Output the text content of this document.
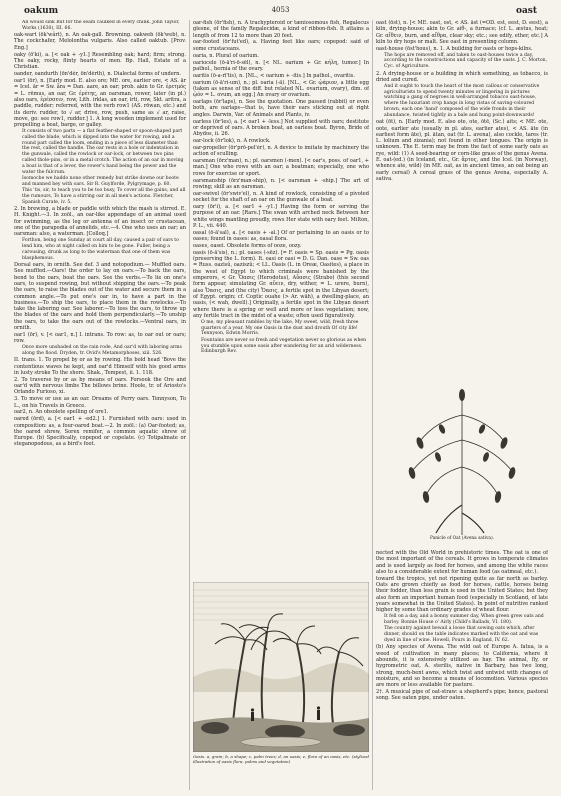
oakum	4053	oast

All would sink But for the seam caulked in every chink. John Taylor, Works (1630), III. 66.

oak-wart (ōk'wârt), n. An oak-gall. Browning. oakweb (ōk'web), n. The cockchafer, Melolontha vulgaris. Also called oaktub. [Prov. Eng.]

oaky (ō'ki), a. [< oak + -y1.] Resembling oak; hard; firm; strong. The oaky, rocky, flinty hearts of men. Bp. Hall, Estate of a Christian.

oander, oandurth (ōn'dėr, ōn'dėrth), n. Dialectal forms of undern.

oar1 (ōr), n. [Early mod. E. also ore; ME. ore, earlier ore, < AS. ār = Icel. ār = Sw. åra = Dan. aare, an oar; prob. akin to Gr. ἐρετμός = L. rēmus, an oar, Gr. ἐρέτης, an oarsman, rower, later (in pl.) also oars, ἐρέσσειν, row, Lith. irklas, an oar, irti, row, Skt. aritra, a paddle, rudder; referred, with the verb row1 (AS. rōwan, etc.) and its deriv. rudder, to √ ar, drive, row, push, same as √ ar, raise, move, go: see row1, rudder.] 1. A long wooden implement used for propelling a boat, barge, or galley.

It consists of two parts — a flat feather-shaped or spoon-shaped part called the blade, which is dipped into the water for rowing, and a round part called the loom, ending in a piece of less diameter than the rest, called the handle. The oar rests in a hole or indentation in the gunwale, called the rowlock or oar-lock, or between two pins called thole-pins, or in a metal crotch. The action of an oar in moving a boat is that of a lever, the rower's hand being the power and the water the fulcrum.

Isomoche we haddo none other remedy but strike downe our boote and manned hey with oars. Sir R. Guylforde, Pylgrymage, p. 60.

This 'tis, sir, to teach you to be too busy, To cover all the gains, and all the rumours, To have a stirring oar in all men's actions. Fletcher, Spanish Curate, iv. 5.

2. In brewing, a blade or paddle with which the mash is stirred. E. H. Knight.—3. In zoöl., an oar-like appendage of an animal used for swimming, as the leg or antenna of an insect or crustacean, one of the parapodia of annelids, etc.—4. One who uses an oar; an oarsman: also, a waterman. [Colloq.]

Forthon, being one Sunday at court all day, caused a pair of oars to lend him, who at night called on him to be gone. Fuller, being a carousing, drunk as long to the waterman that one of them was blasphemous.

Dorsal oars, in ornith. See def. 3 and notopodium.— Muffled oars. See muffled.—Oars! the order to lay on oars.—To back the oars, bend to the oars, boat the oars. See the verbs.—To lie on one's oars, to suspend rowing, but without shipping the oars.—To peak the oars, to raise the blades out of the water and secure them in a common angle.—To put one's oar in, to have a part in the business.—To ship the oars, to place them in the rowlocks.—To take the laboring oar. See laborer.—To toss the oars, to throw up the blades of the oars and hold them perpendicularly.—To unship the oars, to take the oars out of the rowlocks.—Ventral oars, in ornith.

oar1 (ōr), v. [< oar1, n.] I. intrans. To row: as, to oar out or oars; row.

Once more unshaded on the rain rode, And oar'd with laboring arms along the flood. Dryden, tr. Ovid's Metamorphoses, xiii. 526.

II. trans. 1. To propel by or as by rowing. His bold head 'Bove the contentious waves he kept, and oar'd Himself with his good arms in lusty stroke To the shore. Shak., Tempest, ii. 1. 118.

2. To traverse by or as by means of oars. Forsook the Ore and oar'd with nervous limbs The billows brine. Hoole, tr. of Ariosto's Orlando Furioso, xi.

3. To move or use as an oar. Dreams of Perry oars. Tennyson, To L., on his Travels in Greece.

oar2, n. An obsolete spelling of ore1.

oared (ōrd), a. [< oar1 + -ed2.] 1. Furnished with oars: used in composition: as, a four-oared boat.—2. In zoöl.: (a) Oar-footed; as, the oared shrew, Sorex remifer, a common aquatic shrew of Europe. (b) Specifically, copepod or copelate. (c) Totipalmate or steganopodous, as a bird's foot.

oar-fish (ōr'fish), n. A trachypteroid or tæniosomous fish, Regalecus glesne, of the family Regalecidæ, a kind of ribbon-fish. It attains a length of from 12 to more than 20 feet.

oar-footed (ōr'fut'ed), a. Having feet like oars; copepod: said of some crustaceans.

oaria, n. Plural of oarium.

oariocele (ō-ā'ri-ō-sēl), n. [< NL. oarium + Gr. κήλη, tumor.] In pathol., hernia of the ovary.

oaritis (ō-a-rī'tis), n. [NL., < oarium + -itis.] In pathol., ovaritis.

oarium (ō-ā'ri-um), n.; pl. oaria (-ä). [NL., < Gr. ᾠάριον, a little egg (taken as sense of the diff. but related NL. ovarium, ovary), dim. of ᾠόν = L. ovum, an egg.] An ovary or ovarium.

oarlaps (ōr'laps), n. See the quotation. One passed (rabbit) or even both, are oarlaps—that is, have their ears sticking out at right angles. Darwin, Var. of Animals and Plants, iv.

oarless (ōr'les), a. [< oar1 + -less.] Not supplied with oars; destitute or deprived of oars. A broken boat, an oarless boat. Byron, Bride of Abydos, ii. 26.

oar-lock (ōr'lok), n. A rowlock.

oar-propeller (ōr'prō-pel'ėr), n. A device to imitate by machinery the action of sculling.

oarsman (ōrz'man), n.; pl. oarsmen (-men). [< oar's, poss. of oar1, + man.] One who rows with an oar; a boatman; especially, one who rows for exercise or sport.

oarsmanship (ōrz'man-ship), n. [< oarsman + -ship.] The art of rowing; skill as an oarsman.

oar-swivel (ōr'swiv'el), n. A kind of rowlock, consisting of a pivoted socket for the shaft of an oar on the gunwale of a boat.

oary (ōr'i), a. [< oar1 + -y1.] Having the form or serving the purpose of an oar. [Rare.] The swan with arched neck Between her white wings mantling proudly, rows Her state with oary feet. Milton, P. L., vii. 440.

oasal (ō-ā'sal), a. [< oasis + -al.] Of or pertaining to an oasis or to oases; found in oases: as, oasal flora.

oases, oasei. Obsolete forms of ooze, oozy.

oasis (ō-ā'sis), n.; pl. oases (-sēz). [= F. oasis = Sp. oasis = Pg. oasis (preserving the L. form). It. oasi or oasi = D. G. Dan. oase = Sw. oas = Russ. oazisŭ, oaziszŭ; < LL. Oasis (L. in Oreæ, Oasites), a place in the west of Egypt to which criminals were banished by the emperors, < Gr. Ὄασις (Herodotus), Αὔασις (Strabo) (this second form appear, simulating Gr. αὔειν, dry, wither, = L. urere, burn), also Ὄασις, and (the city) Ὄασις, a fertile spot in the Libyan desert; of Egypt. origin; cf. Coptic ouahe (> Ar. wāh), a dwelling-place, an oasis, (< wah, dwell).] Originally, a fertile spot in the Libyan desert where there is a spring or well and more or less vegetation; now, any fertile tract in the midst of a waste; often used figuratively.

O me, my pleasant rambles by the lake, My sweet, wild, fresh three quarters of a year, My one Oasis in the dust and drouth Of city life! Tennyson, Edwin Morris.

Fountains are never so fresh and vegetation never so glorious as when you stumble upon some oasis after wandering for an arid wilderness. Edinburgh Rev.

Oasis. a, grain; b, a shape; c, palm trees; d, an oasis; e, flora of an oasis, etc. (stylized illustration of oasis flora, palms and vegetation)

oast (ōst), n. [< ME. oast, ost, < AS. āst (=OD. est, eest, D. eest), a kiln, drying-house; akin to Gr. aiθ-, a furnace; (cf. L. æstus, heat; Gr. αἴθειν, burn, and αἴθρα, clear sky; etc.; see edify, ether, etc.] A kiln to dry hops or malt. See oast in presenting column.

oast-house (ōst'hous), n. 1. A building for oasts or hops-kilns.

The hops are removed off, and taken to oast-houses twice a day, according to the constructions and capacity of the oasts. J. C. Morton, Cyc. of Agriculture.

2. A drying-house or a building in which something, as tobacco, is dried and cured.

And it ought to touch the heart of the most callous or conservative agriculturists to spend twenty minutes or lingering in pictures watching a gang of negroes in well-arranged tobacco oast-house, where the luxuriant crop hangs in long vistas of saving-coloured brown, each one 'hand' composed of the wide fronds in their abundance, twisted tightly in a bale and hung point-downwards!

oat (ōt), n. [Early mod. E. also ote, ote, ōtē, (Sc.) aits; < ME. ote, oote, earlier ate (usually in pl. ates, earlier ates), < AS. āte (in earliest form āte), pl. ātan, oat (tr. L. avena), also cockle, tares (tr. L. lolium and zizania); not found in other tongues. The origin is unknown. The E. term may be from the fact of some early oats as rye, wild: (1) A seed-bearing or corn-like grass of the genus Avena. E. oat-(ed.) (in Iceland, etc., Gr. ἄρτος, and the Icel. (in Norway), whence ate, wild) (in ME. oat, as in ancient times, an oat being an early cereal) A cereal grass of the genus Avena, especially A. sativa.

Panicle of Oat (Avena sativa).

nected with the Old World in prehistoric times. The oat is one of the most important of the cereals. It grows in temperate climates and is used largely as food for horses, and among the white races also to a considerable extent for human food (as oatmeal, etc.).

toward the tropics, yet not ripening quite as far north as barley. Oats are grown chiefly as food for horses, cattle, horses being their fodder, than less grain is used in the United States; but they also form an important human food (especially in Scotland, of late years somewhat in the United States). In point of nutritive ranked higher by some than ordinary grades of wheat flour.

It fell on a day, and a bonny summer day, When green grew oats and barley. Bonnie House o' Airly (Child's Ballads, VI. 180).

The country against bewail a loose that sowing oats which, after dinner, should on the table indicates marked with the oat and was dyed in line of wine. Howell, Pours in England, IV. 62.

(b) Any species of Avena. The wild oat of Europe A. fatua, is a weed of cultivation in many places; to California, where it abounds, it is extensively utilized as hay. The animal, fly, or hygrometric oat, A. sterilis, native in Barbary, has two long, strong, much-bent awns, which twist and untwist with changes of moisture, and so become a means of locomotion. Various species are more or less available for pasture.

2†. A musical pipe of oat-straw: a shepherd's pipe; hence, pastoral song. See oaten pipe, under oaten.
